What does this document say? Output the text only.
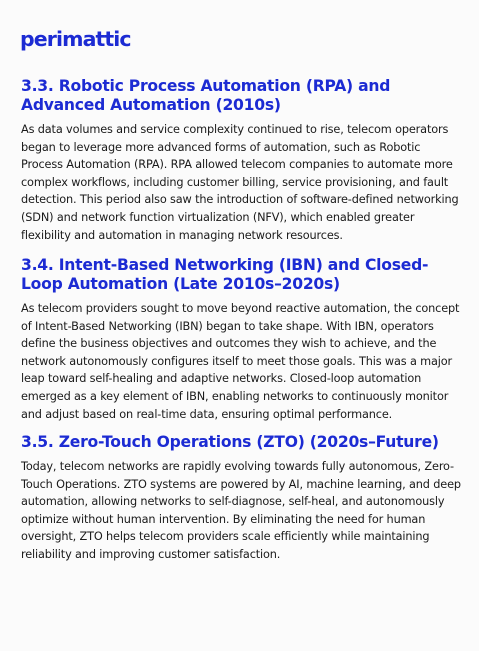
perimattic
3.3. Robotic Process Automation (RPA) and Advanced Automation (2010s)

As data volumes and service complexity continued to rise, telecom operators began to leverage more advanced forms of automation, such as Robotic Process Automation (RPA). RPA allowed telecom companies to automate more complex workflows, including customer billing, service provisioning, and fault detection. This period also saw the introduction of software-defined networking (SDN) and network function virtualization (NFV), which enabled greater flexibility and automation in managing network resources.

3.4. Intent-Based Networking (IBN) and Closed-Loop Automation (Late 2010s–2020s)

As telecom providers sought to move beyond reactive automation, the concept of Intent-Based Networking (IBN) began to take shape. With IBN, operators define the business objectives and outcomes they wish to achieve, and the network autonomously configures itself to meet those goals. This was a major leap toward self-healing and adaptive networks. Closed-loop automation emerged as a key element of IBN, enabling networks to continuously monitor and adjust based on real-time data, ensuring optimal performance.

3.5. Zero-Touch Operations (ZTO) (2020s–Future)

Today, telecom networks are rapidly evolving towards fully autonomous, Zero-Touch Operations. ZTO systems are powered by AI, machine learning, and deep automation, allowing networks to self-diagnose, self-heal, and autonomously optimize without human intervention. By eliminating the need for human oversight, ZTO helps telecom providers scale efficiently while maintaining reliability and improving customer satisfaction.
